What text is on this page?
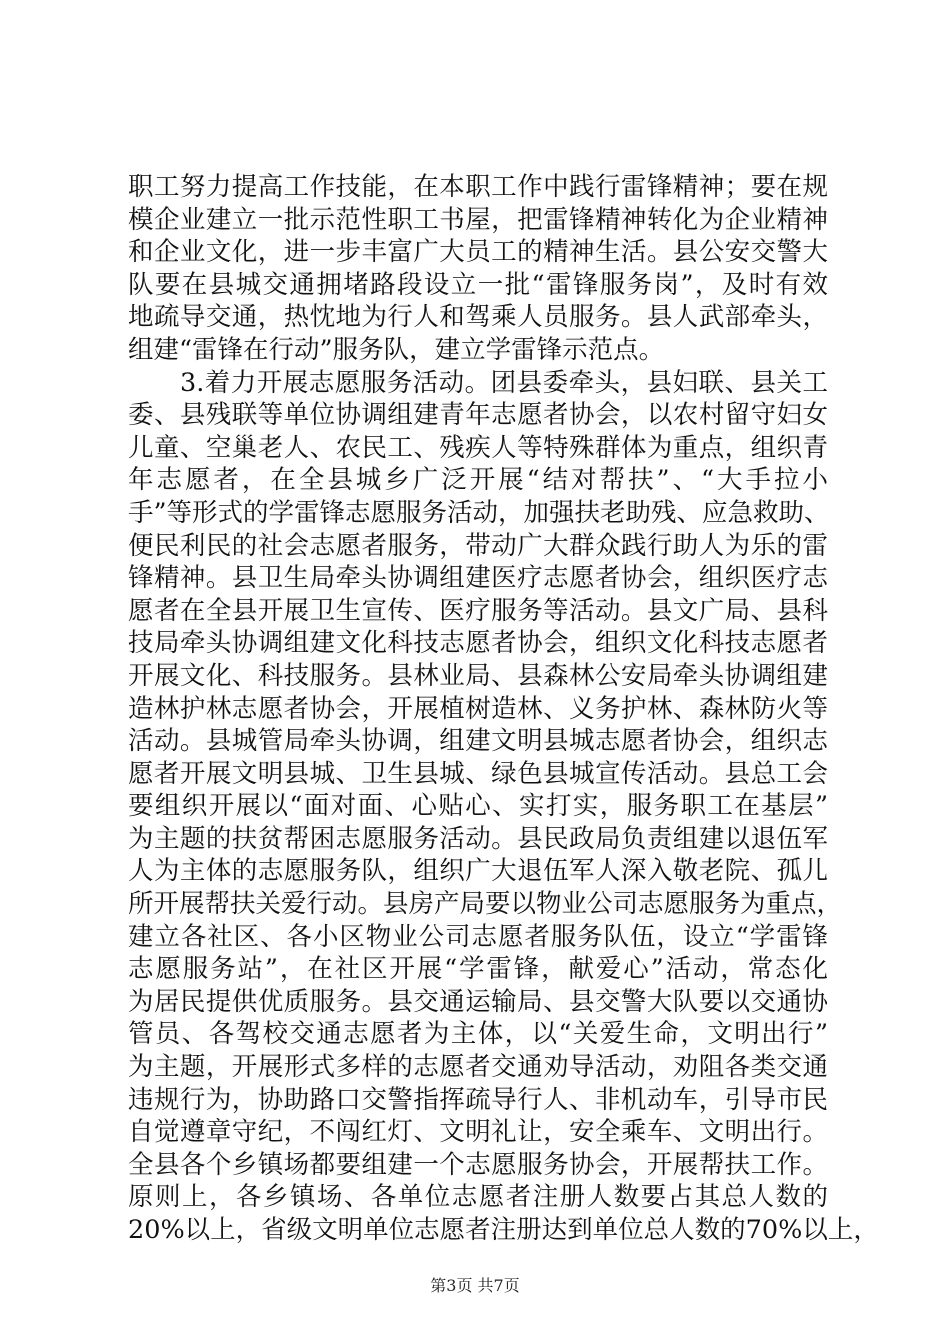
职工努力提高工作技能，在本职工作中践行雷锋精神；要在规
模企业建立一批示范性职工书屋，把雷锋精神转化为企业精神
和企业文化，进一步丰富广大员工的精神生活。县公安交警大
队要在县城交通拥堵路段设立一批“雷锋服务岗”，及时有效
地疏导交通，热忱地为行人和驾乘人员服务。县人武部牵头，
组建“雷锋在行动”服务队，建立学雷锋示范点。
　　3.着力开展志愿服务活动。团县委牵头，县妇联、县关工
委、县残联等单位协调组建青年志愿者协会，以农村留守妇女
儿童、空巢老人、农民工、残疾人等特殊群体为重点，组织青
年志愿者，在全县城乡广泛开展“结对帮扶”、“大手拉小
手”等形式的学雷锋志愿服务活动，加强扶老助残、应急救助、
便民利民的社会志愿者服务，带动广大群众践行助人为乐的雷
锋精神。县卫生局牵头协调组建医疗志愿者协会，组织医疗志
愿者在全县开展卫生宣传、医疗服务等活动。县文广局、县科
技局牵头协调组建文化科技志愿者协会，组织文化科技志愿者
开展文化、科技服务。县林业局、县森林公安局牵头协调组建
造林护林志愿者协会，开展植树造林、义务护林、森林防火等
活动。县城管局牵头协调，组建文明县城志愿者协会，组织志
愿者开展文明县城、卫生县城、绿色县城宣传活动。县总工会
要组织开展以“面对面、心贴心、实打实，服务职工在基层”
为主题的扶贫帮困志愿服务活动。县民政局负责组建以退伍军
人为主体的志愿服务队，组织广大退伍军人深入敬老院、孤儿
所开展帮扶关爱行动。县房产局要以物业公司志愿服务为重点，
建立各社区、各小区物业公司志愿者服务队伍，设立“学雷锋
志愿服务站”，在社区开展“学雷锋，献爱心”活动，常态化
为居民提供优质服务。县交通运输局、县交警大队要以交通协
管员、各驾校交通志愿者为主体，以“关爱生命，文明出行”
为主题，开展形式多样的志愿者交通劝导活动，劝阻各类交通
违规行为，协助路口交警指挥疏导行人、非机动车，引导市民
自觉遵章守纪，不闯红灯、文明礼让，安全乘车、文明出行。
全县各个乡镇场都要组建一个志愿服务协会，开展帮扶工作。
原则上，各乡镇场、各单位志愿者注册人数要占其总人数的
20%以上，省级文明单位志愿者注册达到单位总人数的70%以上，
第3页 共7页
